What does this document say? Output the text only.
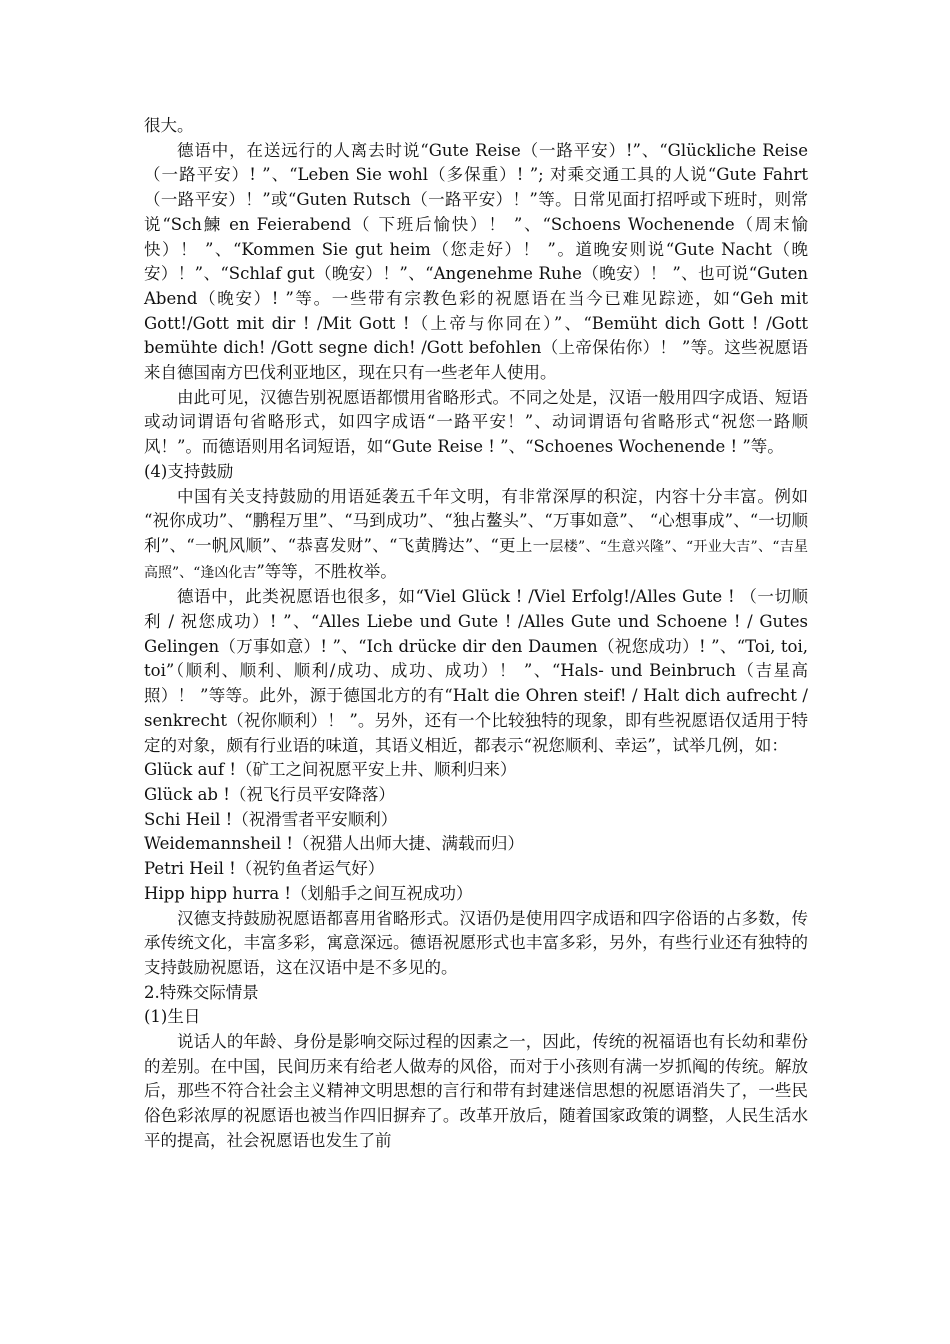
很大。

德语中，在送远行的人离去时说“Gute Reise（一路平安）!”、“Glückliche Reise（一路平安）! ”、“Leben Sie wohl（多保重）! ”; 对乘交通工具的人说“Gute Fahrt（一路平安）！”或“Guten Rutsch（一路平安）！”等。日常见面打招呼或下班时，则常说“Sch鰊 en Feierabend（ 下班后愉快）！ ”、“Schoens Wochenende（周末愉快）！ ”、“Kommen Sie gut heim（您走好）！ ”。道晚安则说“Gute Nacht（晚安）！”、“Schlaf gut（晚安）！”、“Angenehme Ruhe（晚安）！ ”、也可说“Guten Abend（晚安）! ”等。一些带有宗教色彩的祝愿语在当今已难见踪迹，如“Geh mit Gott!/Gott mit dir ! /Mit Gott !（上帝与你同在）”、“Bemüht dich Gott ! /Gott bemühte dich! /Gott segne dich! /Gott befohlen（上帝保佑你）！ ”等。这些祝愿语来自德国南方巴伐利亚地区，现在只有一些老年人使用。

由此可见，汉德告别祝愿语都惯用省略形式。不同之处是，汉语一般用四字成语、短语或动词谓语句省略形式，如四字成语“一路平安！”、动词谓语句省略形式“祝您一路顺风！”。而德语则用名词短语，如“Gute Reise ! ”、“Schoenes Wochenende ! ”等。

(4)支持鼓励

中国有关支持鼓励的用语延袭五千年文明，有非常深厚的积淀，内容十分丰富。例如 “祝你成功”、“鹏程万里”、“马到成功”、“独占鳌头”、“万事如意”、 “心想事成”、“一切顺利”、“一帆风顺”、“恭喜发财”、“飞黄腾达”、“更上一层楼”、“生意兴隆”、“开业大吉”、“吉星高照”、“逢凶化吉”等等，不胜枚举。

德语中，此类祝愿语也很多，如“Viel Glück ! /Viel Erfolg!/Alles Gute ! （一切顺利 / 祝您成功）! ”、“Alles Liebe und Gute ! /Alles Gute und Schoene ! / Gutes Gelingen（万事如意）! ”、“Ich drücke dir den Daumen（祝您成功）! ”、“Toi, toi, toi”（顺利、顺利、顺利/成功、成功、成功）！ ”、“Hals- und Beinbruch（吉星高照）！ ”等等。此外，源于德国北方的有“Halt die Ohren steif! / Halt dich aufrecht / senkrecht（祝你顺利）！ ”。另外，还有一个比较独特的现象，即有些祝愿语仅适用于特定的对象，颇有行业语的味道，其语义相近，都表示“祝您顺利、幸运”，试举几例，如：

Glück auf !（矿工之间祝愿平安上井、顺利归来）

Glück ab !（祝飞行员平安降落）

Schi Heil !（祝滑雪者平安顺利）

Weidemannsheil !（祝猎人出师大捷、满载而归）

Petri Heil !（祝钓鱼者运气好）

Hipp hipp hurra !（划船手之间互祝成功）

汉德支持鼓励祝愿语都喜用省略形式。汉语仍是使用四字成语和四字俗语的占多数，传承传统文化，丰富多彩，寓意深远。德语祝愿形式也丰富多彩，另外，有些行业还有独特的支持鼓励祝愿语，这在汉语中是不多见的。

2.特殊交际情景

(1)生日

说话人的年龄、身份是影响交际过程的因素之一，因此，传统的祝福语也有长幼和辈份的差别。在中国，民间历来有给老人做寿的风俗，而对于小孩则有满一岁抓阄的传统。解放后，那些不符合社会主义精神文明思想的言行和带有封建迷信思想的祝愿语消失了，一些民俗色彩浓厚的祝愿语也被当作四旧摒弃了。改革开放后，随着国家政策的调整，人民生活水平的提高，社会祝愿语也发生了前
